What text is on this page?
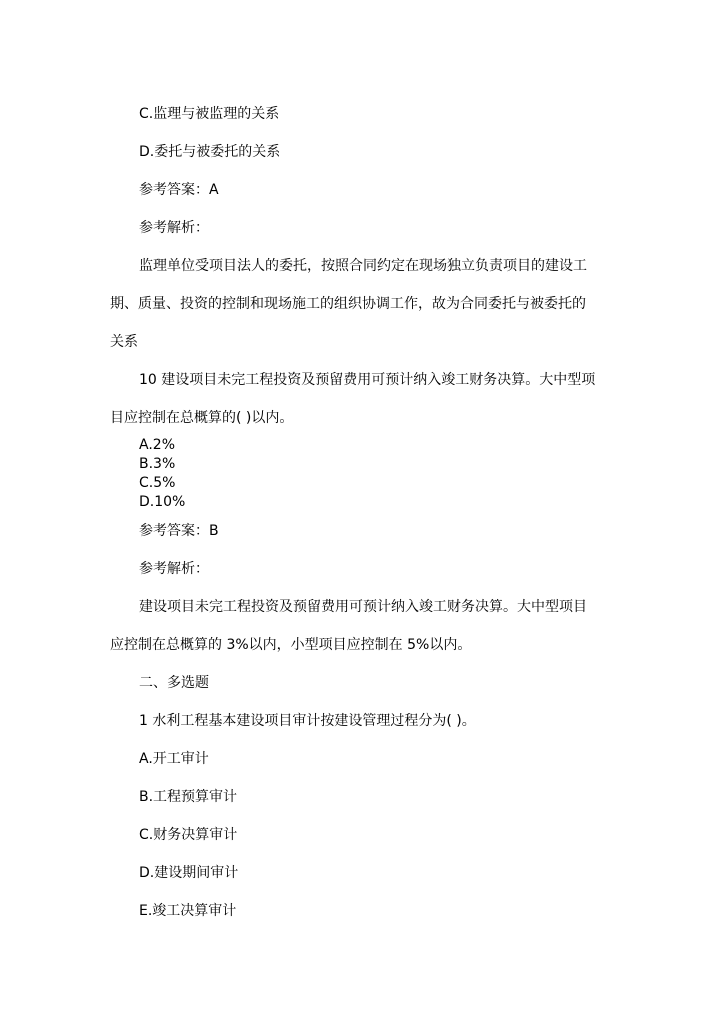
C.监理与被监理的关系
D.委托与被委托的关系
参考答案：A
参考解析：
监理单位受项目法人的委托，按照合同约定在现场独立负责项目的建设工
期、质量、投资的控制和现场施工的组织协调工作，故为合同委托与被委托的
关系
10 建设项目未完工程投资及预留费用可预计纳入竣工财务决算。大中型项
目应控制在总概算的( )以内。
A.2%
B.3%
C.5%
D.10%
参考答案：B
参考解析：
建设项目未完工程投资及预留费用可预计纳入竣工财务决算。大中型项目
应控制在总概算的 3%以内，小型项目应控制在 5%以内。
二、多选题
1 水利工程基本建设项目审计按建设管理过程分为( )。
A.开工审计
B.工程预算审计
C.财务决算审计
D.建设期间审计
E.竣工决算审计
